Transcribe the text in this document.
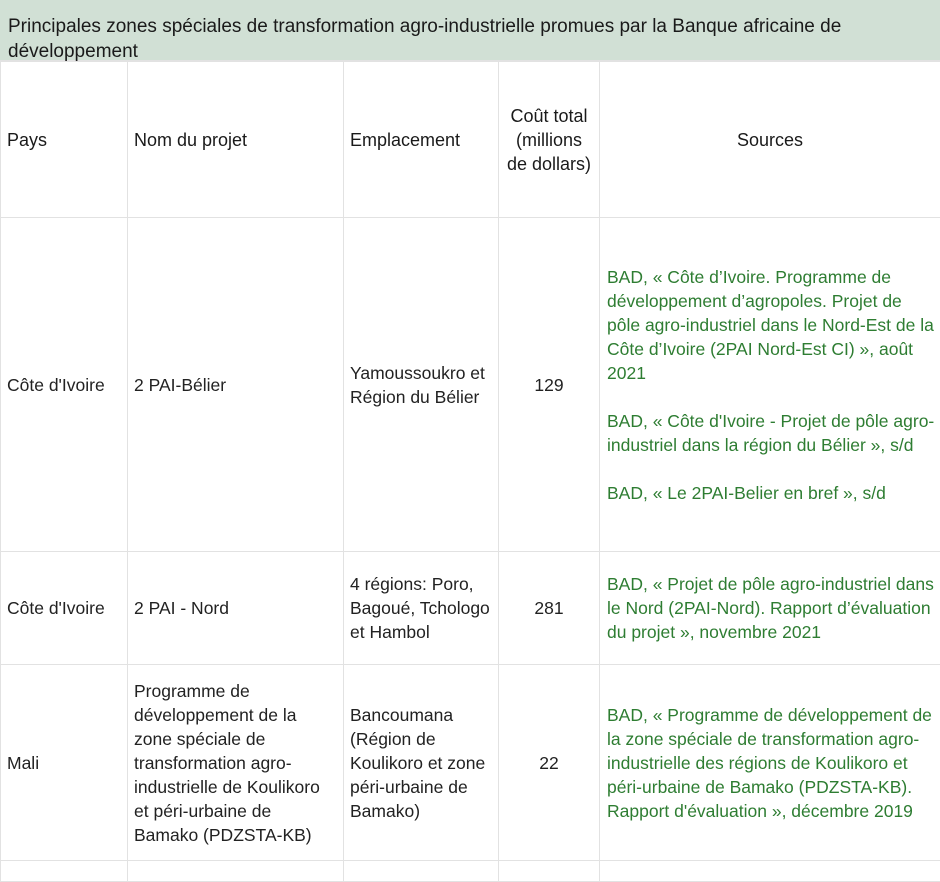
Principales zones spéciales de transformation agro-industrielle promues par la Banque africaine de développement
Pays	Nom du projet	Emplacement	Coût total (millions de dollars)	Sources
Côte d'Ivoire	2 PAI-Bélier	Yamoussoukro et Région du Bélier	129	BAD, « Côte d’Ivoire. Programme de développement d’agropoles. Projet de pôle agro-industriel dans le Nord-Est de la Côte d’Ivoire (2PAI Nord-Est CI) », août 2021
BAD, « Côte d'Ivoire - Projet de pôle agro-industriel dans la région du Bélier », s/d
BAD, « Le 2PAI-Belier en bref », s/d

Côte d'Ivoire	2 PAI - Nord	4 régions: Poro, Bagoué, Tchologo et Hambol	281	BAD, « Projet de pôle agro-industriel dans le Nord (2PAI-Nord). Rapport d’évaluation du projet », novembre 2021

Mali	Programme de développement de la zone spéciale de transformation agro-industrielle de Koulikoro et péri-urbaine de Bamako (PDZSTA-KB)	Bancoumana (Région de Koulikoro et zone péri-urbaine de Bamako)	22	BAD, « Programme de développement de la zone spéciale de transformation agro-industrielle des régions de Koulikoro et péri-urbaine de Bamako (PDZSTA-KB). Rapport d'évaluation », décembre 2019
